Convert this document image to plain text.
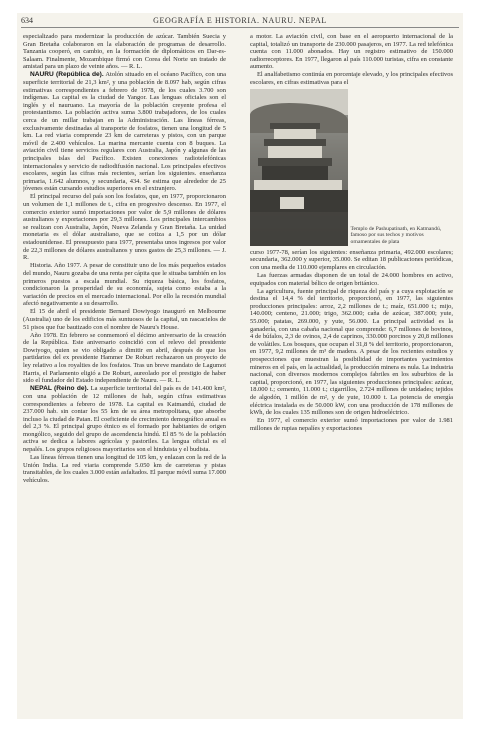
634	GEOGRAFÍA E HISTORIA. NAURU. NEPAL

especializado para modernizar la producción de azúcar. También Suecia y Gran Bretaña colaboraron en la elaboración de programas de desarrollo. Tanzania cooperó, en cambio, en la formación de diplomáticos en Dar-es-Salaam. Finalmente, Mozambique firmó con Corea del Norte un tratado de amistad para un plazo de veinte años. — R. L.

NAURU (República de). Atolón situado en el océano Pacífico, con una superficie territorial de 21,3 km², y una población de 8.097 hab, según cifras estimativas correspondientes a febrero de 1978, de los cuales 3.700 son indígenas. La capital es la ciudad de Yangor. Las lenguas oficiales son el inglés y el nauruano. La mayoría de la población creyente profesa el protestantismo. La población activa suma 3.800 trabajadores, de los cuales cerca de un millar trabajan en la Administración. Las líneas férreas, exclusivamente destinadas al transporte de fosfatos, tienen una longitud de 5 km. La red viaria comprende 23 km de carreteras y pistos, con un parque móvil de 2.400 vehículos. La marina mercante cuenta con 8 buques. La aviación civil tiene servicios regulares con Australia, Japón y algunas de las principales islas del Pacífico. Existen conexiones radiotelefónicas internacionales y servicio de radiodifusión nacional. Los principales efectivos escolares, según las cifras más recientes, serían los siguientes. enseñanza primaria, 1.642 alumnos, y secundaria, 434. Se estima que alrededor de 25 jóvenes están cursando estudios superiores en el extranjero.

El principal recurso del país son los fosfatos, que, en 1977, proporcionaron un volumen de 1,1 millones de t., cifra en progresivo descenso. En 1977, el comercio exterior sumó importaciones por valor de 5,9 millones de dólares australianos y exportaciones por 29,3 millones. Los principales intercambios se realizan con Australia, Japón, Nueva Zelanda y Gran Bretaña. La unidad monetaria es el dólar australiano, que se cotiza a 1,5 por un dólar estadounidense. El presupuesto para 1977, presentaba unos ingresos por valor de 22,3 millones de dólares australianos y unos gastos de 25,3 millones. — J. R.

Historia. Año 1977. A pesar de constituir uno de los más pequeños estados del mundo, Nauru gozaba de una renta per cápita que le situaba también en los primeros puestos a escala mundial. Su riqueza básica, los fosfatos, condicionaron la prosperidad de su economía, sujeta como estaba a la variación de precios en el mercado internacional. Por ello la recesión mundial afectó negativamente a su desarrollo.

El 15 de abril el presidente Bernard Dowiyogo inauguró en Melbourne (Australia) uno de los edificios más suntuosos de la capital, un rascacielos de 51 pisos que fue bautizado con el nombre de Nauru's House.

Año 1978. En febrero se conmemoró el décimo aniversario de la creación de la República. Este aniversario coincidió con el relevo del presidente Dowiyogo, quien se vio obligado a dimitir en abril, después de que los partidarios del ex presidente Hammer De Roburt rechazaron un proyecto de ley relativo a los royalties de los fosfatos. Tras un breve mandato de Lagumot Harris, el Parlamento eligió a De Roburt, aureolado por el prestigio de haber sido el fundador del Estado independiente de Nauru. — R. L.

NEPAL (Reino de). La superficie territorial del país es de 141.400 km², con una población de 12 millones de hab, según cifras estimativas correspondientes a febrero de 1978. La capital es Katmandú, ciudad de 237.000 hab. sin contar los 55 km de su área metropolitana, que absorbe incluso la ciudad de Patan. El coeficiente de crecimiento demográfico anual es del 2,3 %. El principal grupo étnico es el formado por habitantes de origen mongólico, seguido del grupo de ascendencia hindú. El 85 % de la población activa se dedica a labores agrícolas y pastoriles. La lengua oficial es el nepalés. Los grupos religiosos mayoritarios son el hinduista y el budista.

Las líneas férreas tienen una longitud de 105 km, y enlazan con la red de la Unión India. La red viaria comprende 5.050 km de carreteras y pistas transitables, de los cuales 3.000 están asfaltados. El parque móvil suma 17.000 vehículos.

a motor. La aviación civil, con base en el aeropuerto internacional de la capital, totalizó un transporte de 230.000 pasajeros, en 1977. La red telefónica cuenta con 11.000 abonados. Hay un registro estimativo de 150.000 radiorreceptores. En 1977, llegaron al país 110.000 turistas, cifra en constante aumento.

El analfabetismo continúa en porcentaje elevado, y los principales efectivos escolares, en cifras estimativas para el

Templo de Pashupatinath, en Katmandú, famoso por sus techos y motivos ornamentales de plata

curso 1977-78, serían los siguientes: enseñanza primaria, 492.000 escolares; secundaria, 362.000 y superior, 35.000. Se editan 18 publicaciones periódicas, con una media de 110.000 ejemplares en circulación.

Las fuerzas armadas disponen de un total de 24.000 hombres en activo, equipados con material bélico de origen británico.

La agricultura, fuente principal de riqueza del país y a cuya explotación se destina el 14,4 % del territorio, proporcionó, en 1977, las siguientes producciones principales: arroz, 2,2 millones de t.; maíz, 651.000 t.; mijo, 140.000; centeno, 21.000; trigo, 362.000; caña de azúcar, 387.000; yute, 55.000; patatas, 269.000, y yute, 56.000. La principal actividad es la ganadería, con una cabaña nacional que comprende: 6,7 millones de bovinos, 4 de búfalos, 2,3 de ovinos, 2,4 de caprinos, 330.000 porcinos y 20,8 millones de volátiles. Los bosques, que ocupan el 31,8 % del territorio, proporcionaron, en 1977, 9,2 millones de m³ de madera. A pesar de los recientes estudios y prospecciones que muestran la posibilidad de importantes yacimientos mineros en el país, en la actualidad, la producción minera es nula. La industria nacional, con diversos modernos complejos fabriles en los suburbios de la capital, proporcionó, en 1977, las siguientes producciones principales: azúcar, 18.000 t.; cemento, 11.000 t.; cigarrillos, 2.724 millones de unidades; tejidos de algodón, 1 millón de m², y de yute, 10.000 t. La potencia de energía eléctrica instalada es de 50.000 kW, con una producción de 178 millones de kWh, de los cuales 135 millones son de origen hidroeléctrico.

En 1977, el comercio exterior sumó importaciones por valor de 1.981 millones de rupias nepalíes y exportaciones
